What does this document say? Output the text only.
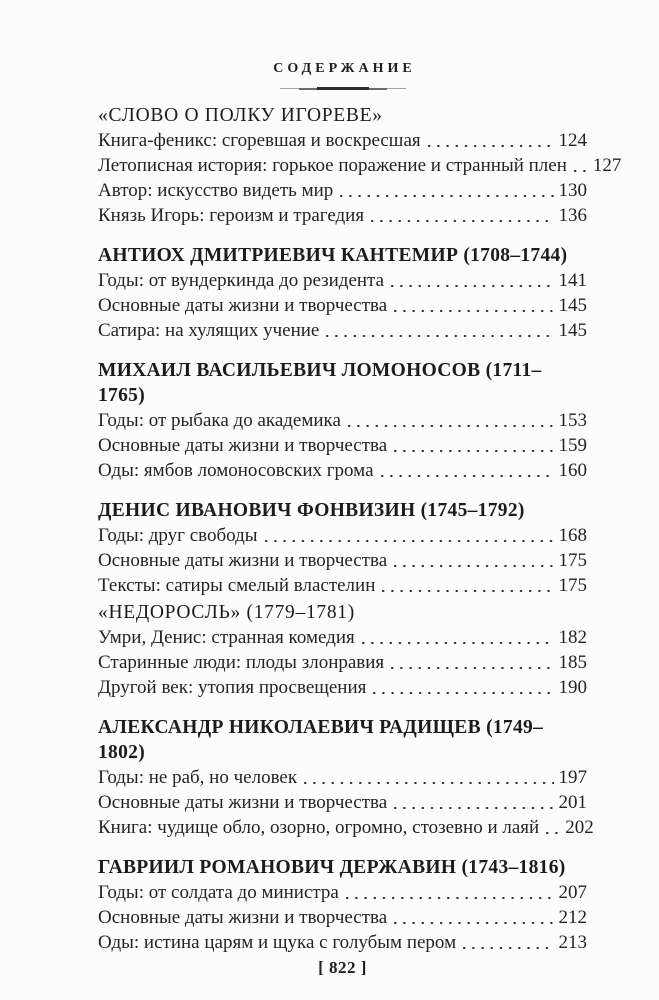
СОДЕРЖАНИЕ
«СЛОВО О ПОЛКУ ИГОРЕВЕ»
Книга-феникс: сгоревшая и воскресшая	124
Летописная история: горькое поражение и странный плен 127
Автор: искусство видеть мир	130
Князь Игорь: героизм и трагедия	136
АНТИОХ ДМИТРИЕВИЧ КАНТЕМИР (1708–1744)
Годы: от вундеркинда до резидента	141
Основные даты жизни и творчества	145
Сатира: на хулящих учение	145
МИХАИЛ ВАСИЛЬЕВИЧ ЛОМОНОСОВ (1711–1765)
Годы: от рыбака до академика	153
Основные даты жизни и творчества	159
Оды: ямбов ломоносовских грома	160
ДЕНИС ИВАНОВИЧ ФОНВИЗИН (1745–1792)
Годы: друг свободы	168
Основные даты жизни и творчества	175
Тексты: сатиры смелый властелин	175
«НЕДОРОСЛЬ» (1779–1781)
Умри, Денис: странная комедия	182
Старинные люди: плоды злонравия	185
Другой век: утопия просвещения	190
АЛЕКСАНДР НИКОЛАЕВИЧ РАДИЩЕВ (1749–1802)
Годы: не раб, но человек	197
Основные даты жизни и творчества	201
Книга: чудище обло, озорно, огромно, стозевно и лаяй 202
ГАВРИИЛ РОМАНОВИЧ ДЕРЖАВИН (1743–1816)
Годы: от солдата до министра	207
Основные даты жизни и творчества	212
Оды: истина царям и щука с голубым пером	213

[ 822 ]
